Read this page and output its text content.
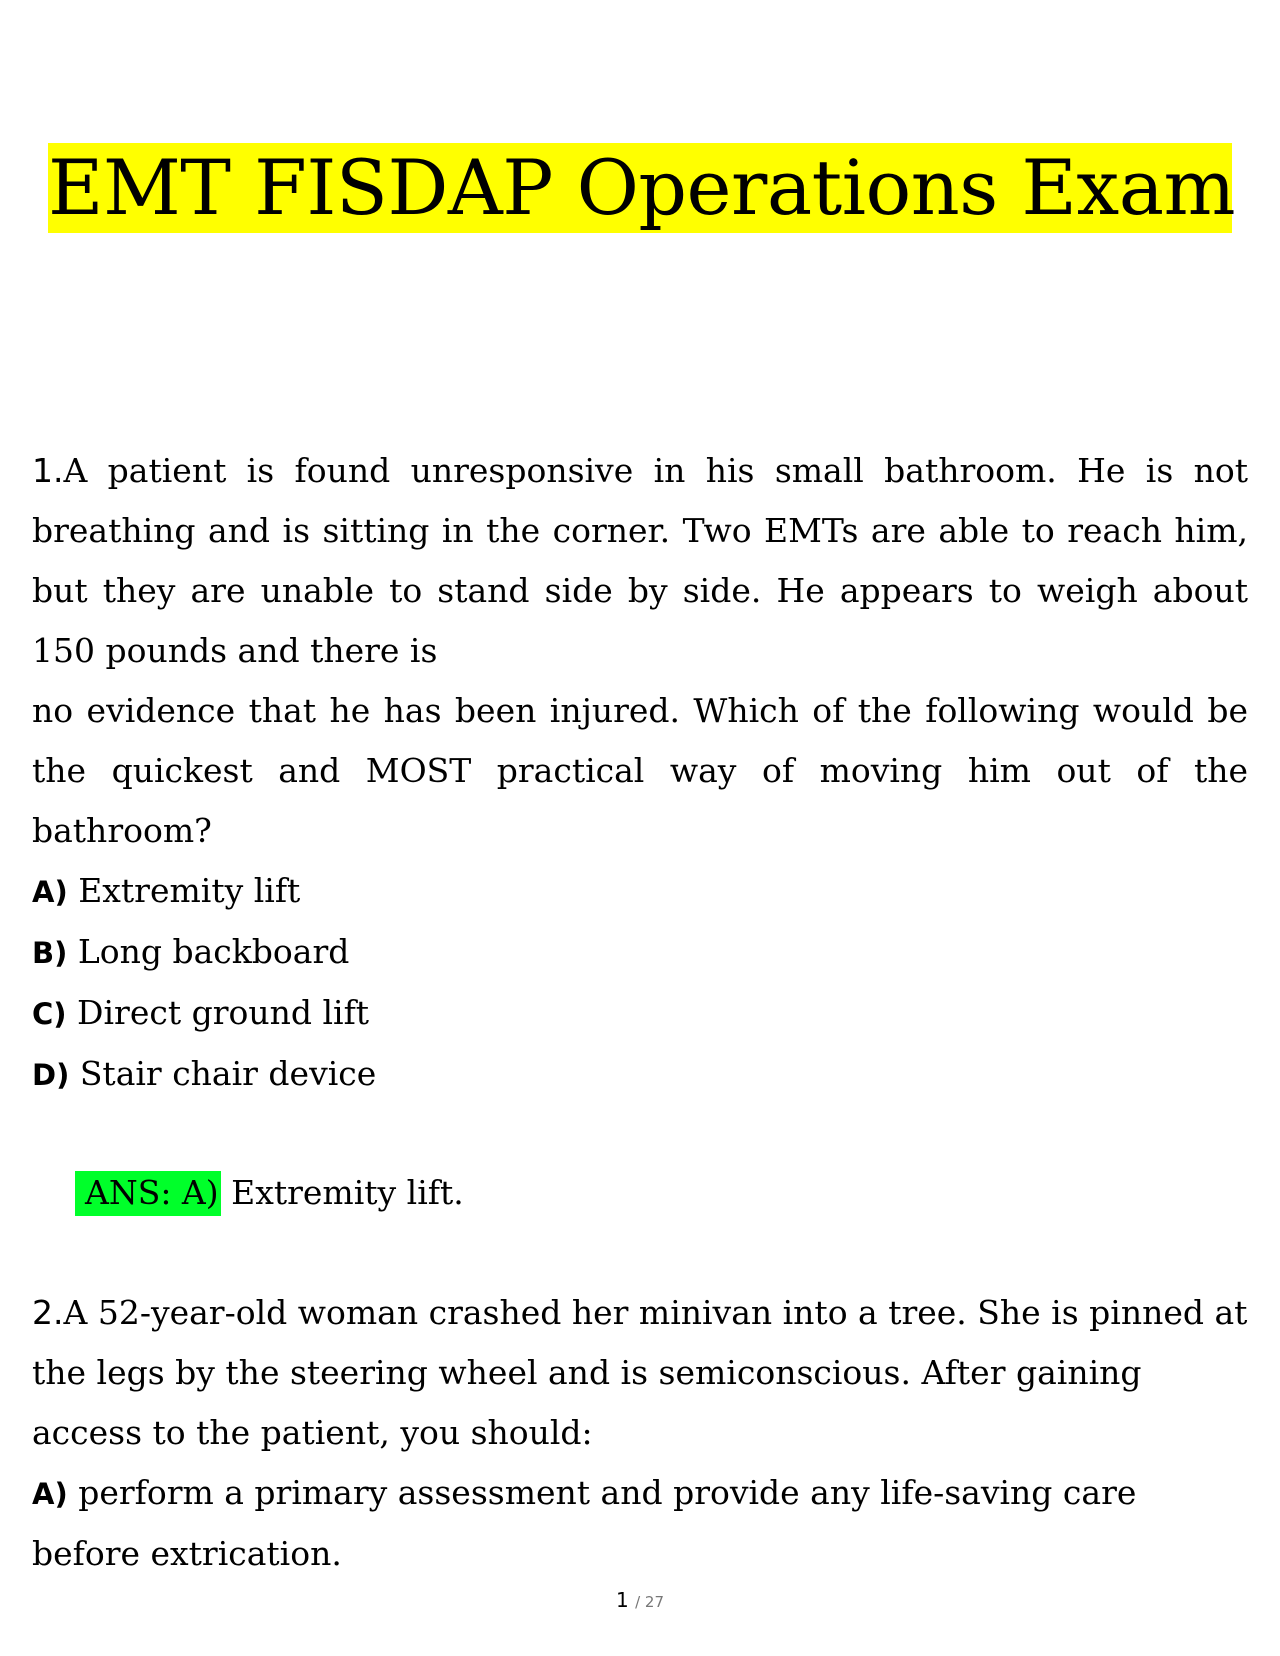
EMT FISDAP Operations Exam

1.A patient is found unresponsive in his small bathroom. He is not breathing and is sitting in the corner. Two EMTs are able to reach him, but they are unable to stand side by side. He appears to weigh about 150 pounds and there is

no evidence that he has been injured. Which of the following would be the quickest and MOST practical way of moving him out of the bathroom?

A) Extremity lift

B) Long backboard

C) Direct ground lift

D) Stair chair device

ANS: A) Extremity lift.

2.A 52-year-old woman crashed her minivan into a tree. She is pinned at the legs by the steering wheel and is semiconscious. After gaining access to the patient, you should:

A) perform a primary assessment and provide any life-saving care before extrication.

1 / 27
